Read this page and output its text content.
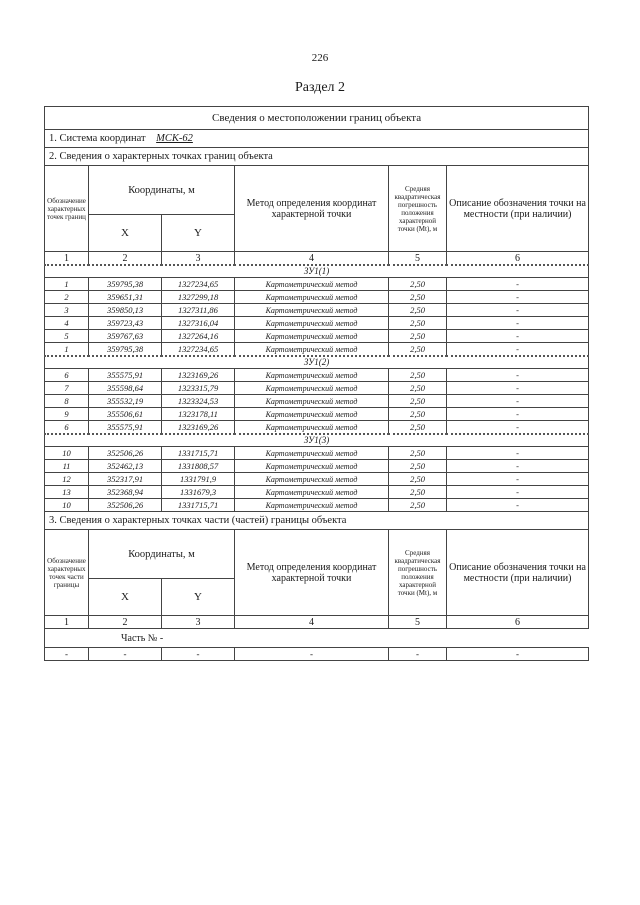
226
Раздел 2
Сведения о местоположении границ объекта					
1. Система координат МСК-62					
2. Сведения о характерных точках границ объекта					
Обозначение характерных точек границ	Координаты, м		Метод определения координат характерной точки	Средняя квадратическая погрешность положения характерной точки (Mt), м	Описание обозначения точки на местности (при наличии)
	X	Y			
1	2	3	4	5	6
ЗУ1(1)					
1	359795,38	1327234,65	Картометрический метод	2,50	-
2	359651,31	1327299,18	Картометрический метод	2,50	-
3	359850,13	1327311,86	Картометрический метод	2,50	-
4	359723,43	1327316,04	Картометрический метод	2,50	-
5	359767,63	1327264,16	Картометрический метод	2,50	-
1	359795,38	1327234,65	Картометрический метод	2,50	-
ЗУ1(2)					
6	355575,91	1323169,26	Картометрический метод	2,50	-
7	355598,64	1323315,79	Картометрический метод	2,50	-
8	355532,19	1323324,53	Картометрический метод	2,50	-
9	355506,61	1323178,11	Картометрический метод	2,50	-
6	355575,91	1323169,26	Картометрический метод	2,50	-
ЗУ1(3)					
10	352506,26	1331715,71	Картометрический метод	2,50	-
11	352462,13	1331808,57	Картометрический метод	2,50	-
12	352317,91	1331791,9	Картометрический метод	2,50	-
13	352368,94	1331679,3	Картометрический метод	2,50	-
10	352506,26	1331715,71	Картометрический метод	2,50	-
3. Сведения о характерных точках части (частей) границы объекта					
Обозначение характерных точек части границы	Координаты, м		Метод определения координат характерной точки	Средняя квадратическая погрешность положения характерной точки (Mt), м	Описание обозначения точки на местности (при наличии)
	X	Y			
1	2	3	4	5	6
Часть № -					
-	-	-	-	-	-
